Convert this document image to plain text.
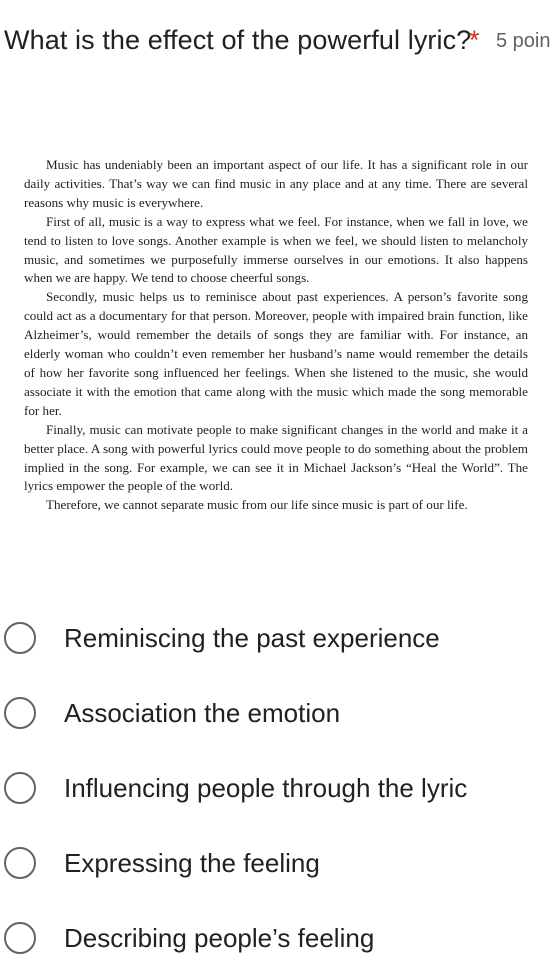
What is the effect of the powerful lyric?
* 5 poin

Music has undeniably been an important aspect of our life. It has a significant role in our daily activities. That’s way we can find music in any place and at any time. There are several reasons why music is everywhere.

First of all, music is a way to express what we feel. For instance, when we fall in love, we tend to listen to love songs. Another example is when we feel, we should listen to melancholy music, and sometimes we purposefully immerse ourselves in our emotions. It also happens when we are happy. We tend to choose cheerful songs.

Secondly, music helps us to reminisce about past experiences. A person’s favorite song could act as a documentary for that person. Moreover, people with impaired brain function, like Alzheimer’s, would remember the details of songs they are familiar with. For instance, an elderly woman who couldn’t even remember her husband’s name would remember the details of how her favorite song influenced her feelings. When she listened to the music, she would associate it with the emotion that came along with the music which made the song memorable for her.

Finally, music can motivate people to make significant changes in the world and make it a better place. A song with powerful lyrics could move people to do something about the problem implied in the song. For example, we can see it in Michael Jackson’s “Heal the World”. The lyrics empower the people of the world.

Therefore, we cannot separate music from our life since music is part of our life.

Reminiscing the past experience
Association the emotion
Influencing people through the lyric
Expressing the feeling
Describing people’s feeling
